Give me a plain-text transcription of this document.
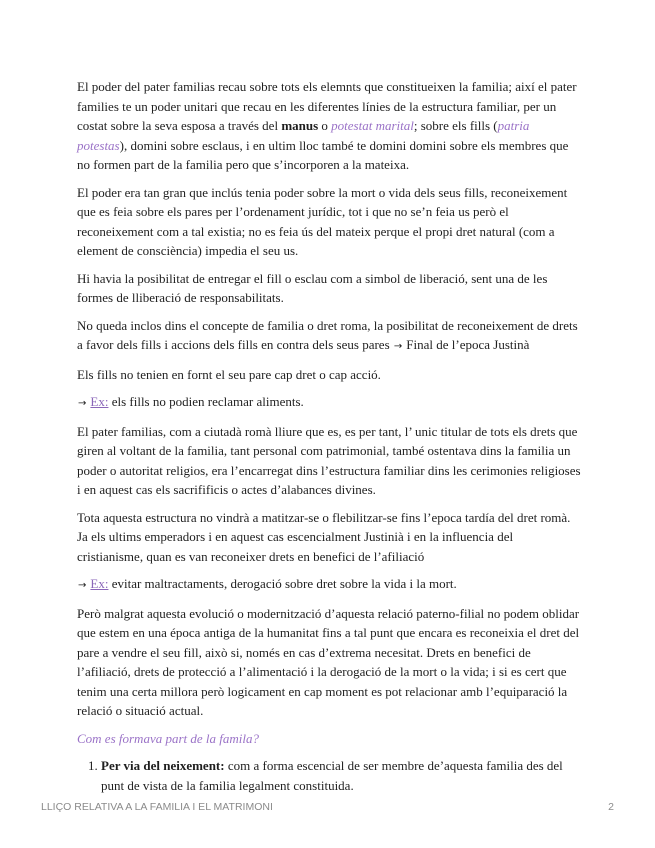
El poder del pater familias recau sobre tots els elemnts que constitueixen la familia; així el pater families te un poder unitari que recau en les diferentes línies de la estructura familiar, per un costat sobre la seva esposa a través del manus o potestat marital; sobre els fills (patria potestas), domini sobre esclaus, i en ultim lloc també te domini domini sobre els membres que no formen part de la familia pero que s’incorporen a la mateixa.

El poder era tan gran que inclús tenia poder sobre la mort o vida dels seus fills, reconeixement que es feia sobre els pares per l’ordenament jurídic, tot i que no se’n feia us però el reconeixement com a tal existia; no es feia ús del mateix perque el propi dret natural (com a element de consciència) impedia el seu us.

Hi havia la posibilitat de entregar el fill o esclau com a simbol de liberació, sent una de les formes de lliberació de responsabilitats.

No queda inclos dins el concepte de familia o dret roma, la posibilitat de reconeixement de drets a favor dels fills i accions dels fills en contra dels seus pares → Final de l’epoca Justinà

Els fills no tenien en fornt el seu pare cap dret o cap acció.

→ Ex: els fills no podien reclamar aliments.

El pater familias, com a ciutadà romà lliure que es, es per tant, l’ unic titular de tots els drets que giren al voltant de la familia, tant personal com patrimonial, també ostentava dins la familia un poder o autoritat religios, era l’encarregat dins l’estructura familiar dins les cerimonies religioses i en aquest cas els sacrifificis o actes d’alabances divines.

Tota aquesta estructura no vindrà a matitzar-se o flebilitzar-se fins l’epoca tardía del dret romà. Ja els ultims emperadors i en aquest cas escencialment Justinià i en la influencia del cristianisme, quan es van reconeixer drets en benefici de l’afiliació

→ Ex: evitar maltractaments, derogació sobre dret sobre la vida i la mort.

Però malgrat aquesta evolució o modernització d’aquesta relació paterno-filial no podem oblidar que estem en una época antiga de la humanitat fins a tal punt que encara es reconeixia el dret del pare a vendre el seu fill, això si, només en cas d’extrema necesitat. Drets en benefici de l’afiliació, drets de protecció a l’alimentació i la derogació de la mort o la vida; i si es cert que tenim una certa millora però logicament en cap moment es pot relacionar amb l’equiparació la relació o situació actual.

Com es formava part de la famila?

1. Per via del neixement: com a forma escencial de ser membre de’aquesta familia des del punt de vista de la familia legalment constituida.
LLIÇO RELATIVA A LA FAMILIA I EL MATRIMONI	2
